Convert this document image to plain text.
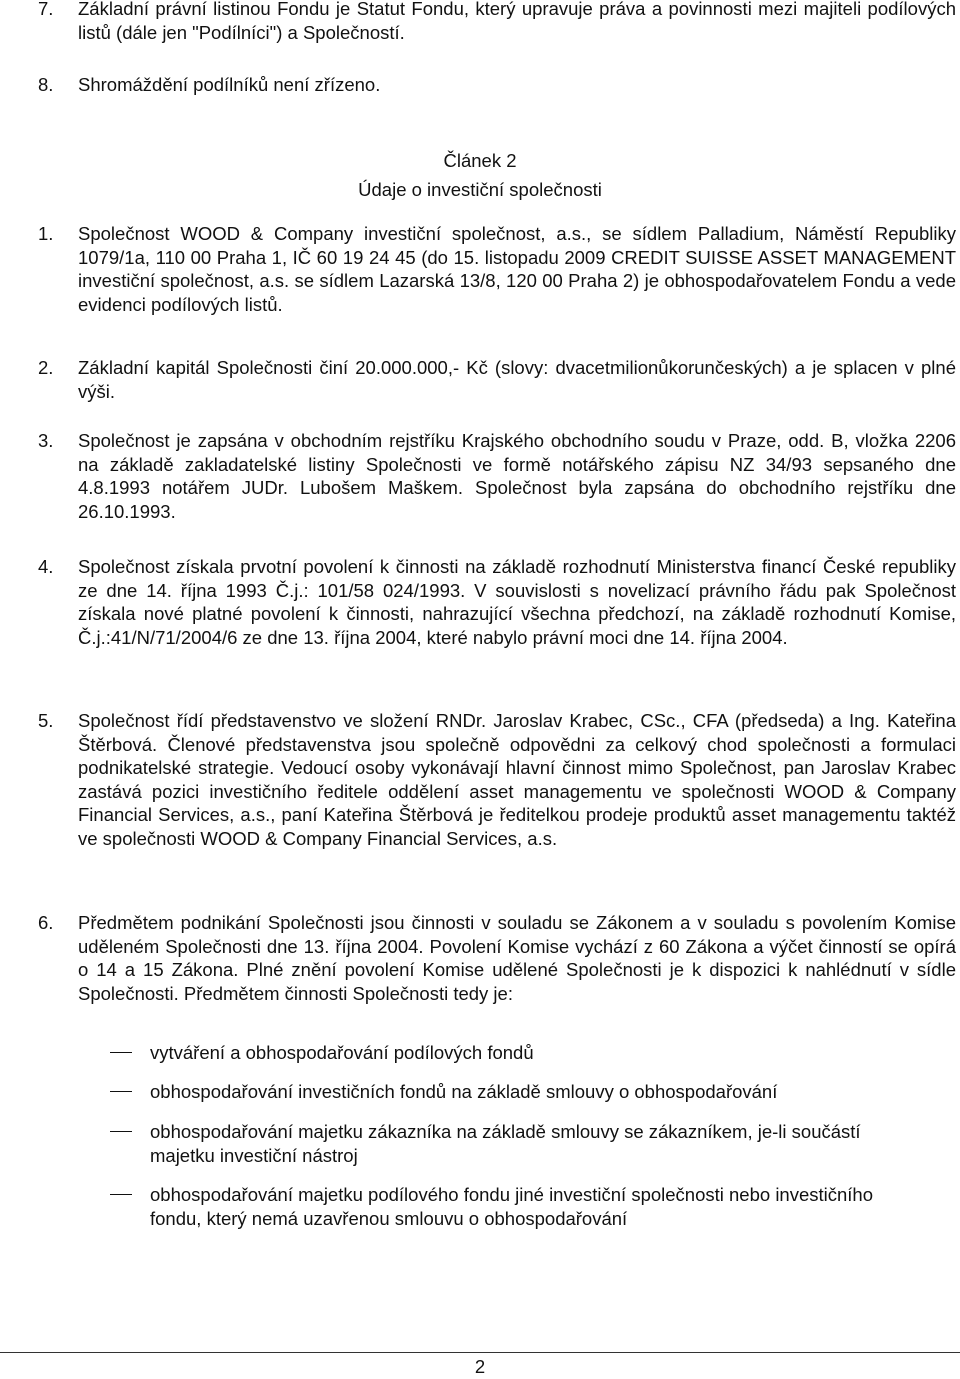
7. Základní právní listinou Fondu je Statut Fondu, který upravuje práva a povinnosti mezi majiteli podílových listů (dále jen "Podílníci") a Společností.
8. Shromáždění podílníků není zřízeno.
Článek 2
Údaje o investiční společnosti
1. Společnost WOOD & Company investiční společnost, a.s., se sídlem Palladium, Náměstí Republiky 1079/1a, 110 00 Praha 1, IČ 60 19 24 45 (do 15. listopadu 2009 CREDIT SUISSE ASSET MANAGEMENT investiční společnost, a.s. se sídlem Lazarská 13/8, 120 00 Praha 2) je obhospodařovatelem Fondu a vede evidenci podílových listů.
2. Základní kapitál Společnosti činí 20.000.000,- Kč (slovy: dvacetmilionůkorunčeských) a je splacen v plné výši.
3. Společnost je zapsána v obchodním rejstříku Krajského obchodního soudu v Praze, odd. B, vložka 2206 na základě zakladatelské listiny Společnosti ve formě notářského zápisu NZ 34/93 sepsaného dne 4.8.1993 notářem JUDr. Lubošem Maškem. Společnost byla zapsána do obchodního rejstříku dne 26.10.1993.
4. Společnost získala prvotní povolení k činnosti na základě rozhodnutí Ministerstva financí České republiky ze dne 14. října 1993 Č.j.: 101/58 024/1993. V souvislosti s novelizací právního řádu pak Společnost získala nové platné povolení k činnosti, nahrazující všechna předchozí, na základě rozhodnutí Komise, Č.j.:41/N/71/2004/6 ze dne 13. října 2004, které nabylo právní moci dne 14. října 2004.
5. Společnost řídí představenstvo ve složení RNDr. Jaroslav Krabec, CSc., CFA (předseda) a Ing. Kateřina Štěrbová. Členové představenstva jsou společně odpovědni za celkový chod společnosti a formulaci podnikatelské strategie. Vedoucí osoby vykonávají hlavní činnost mimo Společnost, pan Jaroslav Krabec zastává pozici investičního ředitele oddělení asset managementu ve společnosti WOOD & Company Financial Services, a.s., paní Kateřina Štěrbová je ředitelkou prodeje produktů asset managementu taktéž ve společnosti WOOD & Company Financial Services, a.s.
6. Předmětem podnikání Společnosti jsou činnosti v souladu se Zákonem a v souladu s povolením Komise uděleném Společnosti dne 13. října 2004. Povolení Komise vychází z 60 Zákona a výčet činností se opírá o 14 a 15 Zákona. Plné znění povolení Komise udělené Společnosti je k dispozici k nahlédnutí v sídle Společnosti. Předmětem činnosti Společnosti tedy je:
vytváření a obhospodařování podílových fondů
obhospodařování investičních fondů na základě smlouvy o obhospodařování
obhospodařování majetku zákazníka na základě smlouvy se zákazníkem, je-li součástí majetku investiční nástroj
obhospodařování majetku podílového fondu jiné investiční společnosti nebo investičního fondu, který nemá uzavřenou smlouvu o obhospodařování
2
